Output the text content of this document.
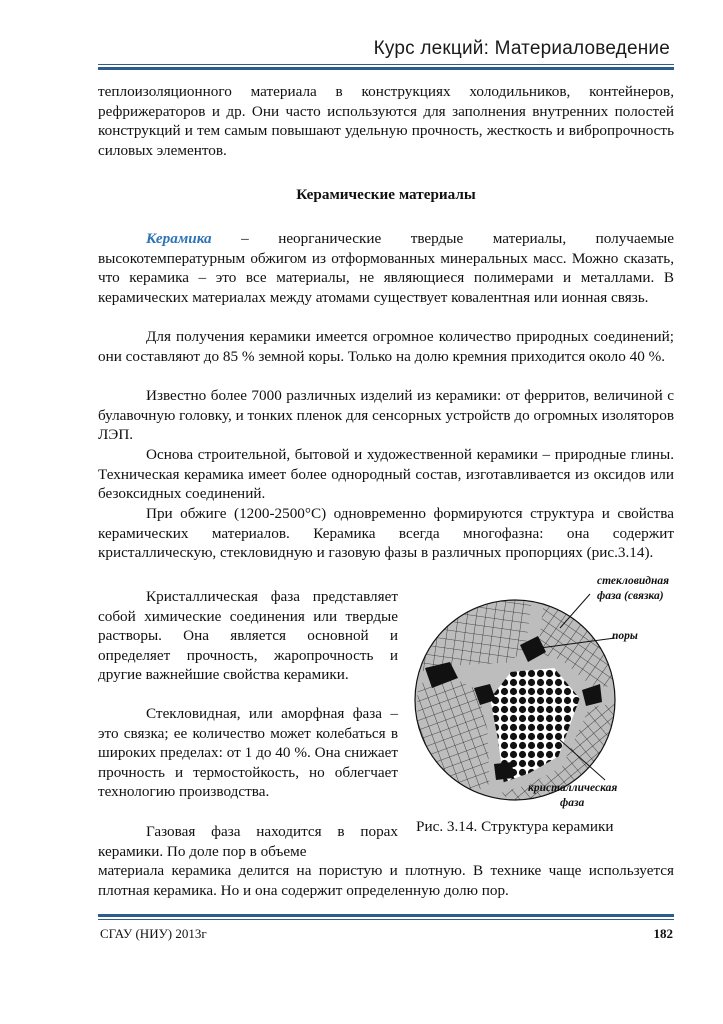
Курс лекций: Материаловедение

теплоизоляционного материала в конструкциях холодильников, контейнеров, рефрижераторов и др. Они часто используются для заполнения внутренних полостей конструкций и тем самым повышают удельную прочность, жесткость и вибропрочность силовых элементов.

Керамические материалы

Керамика – неорганические твердые материалы, получаемые высокотемпературным обжигом из отформованных минеральных масс. Можно сказать, что керамика – это все материалы, не являющиеся полимерами и металлами. В керамических материалах между атомами существует ковалентная или ионная связь.

Для получения керамики имеется огромное количество природных соединений; они составляют до 85 % земной коры. Только на долю кремния приходится около 40 %.

Известно более 7000 различных изделий из керамики: от ферритов, величиной с булавочную головку, и тонких пленок для сенсорных устройств до огромных изоляторов ЛЭП.

Основа строительной, бытовой и художественной керамики – природные глины. Техническая керамика имеет более однородный состав, изготавливается из оксидов или безоксидных соединений.

При обжиге (1200-2500°С) одновременно формируются структура и свойства керамических материалов. Керамика всегда многофазна: она содержит кристаллическую, стекловидную и газовую фазы в различных пропорциях (рис.3.14).

Кристаллическая фаза представляет собой химические соединения или твердые растворы. Она является основной и определяет прочность, жаропрочность и другие важнейшие свойства керамики.

Стекловидная, или аморфная фаза – это связка; ее количество может колебаться в широких пределах: от 1 до 40 %. Она снижает прочность и термостойкость, но облегчает технологию производства.

Газовая фаза находится в порах керамики. По доле пор в объеме

материала керамика делится на пористую и плотную. В технике чаще используется плотная керамика. Но и она содержит определенную долю пор.

стекловидная
фаза (связка)
поры
кристаллическая
фаза
Рис. 3.14. Структура керамики
СГАУ (НИУ) 2013г	182
